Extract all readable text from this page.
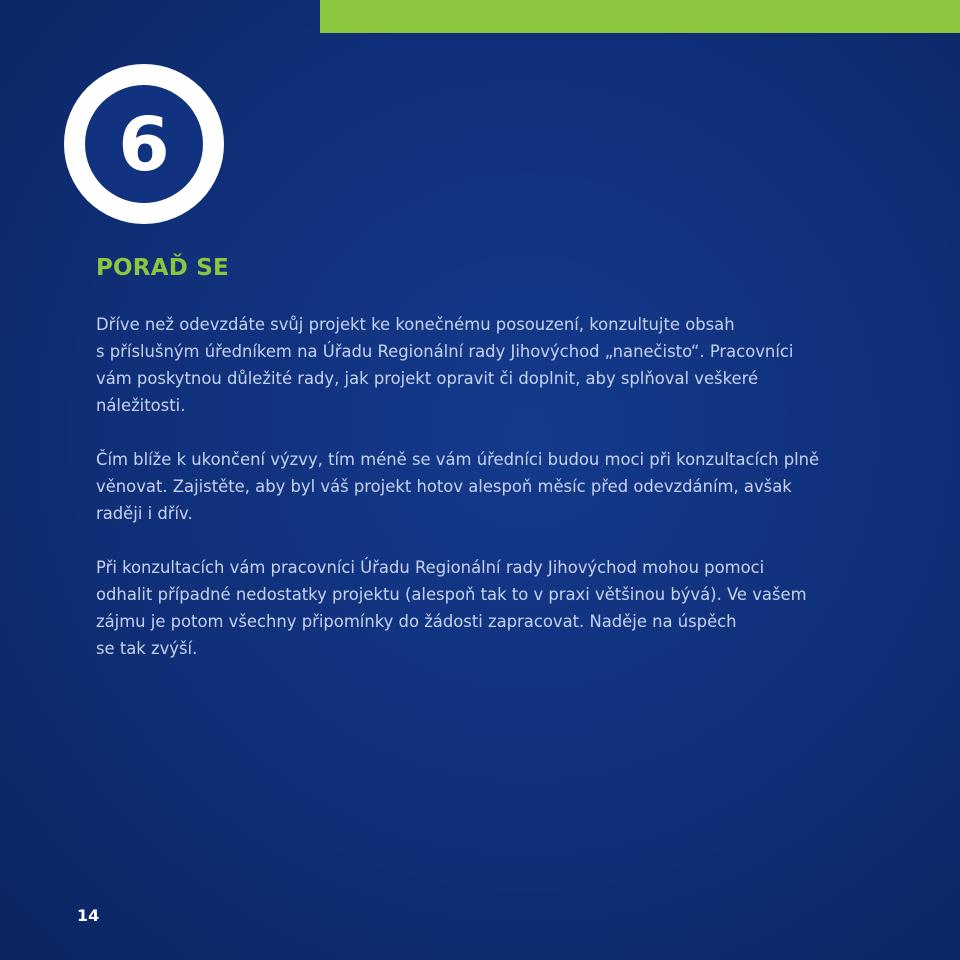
6
PORAĎ SE

Dříve než odevzdáte svůj projekt ke konečnému posouzení, konzultujte obsah
s příslušným úředníkem na Úřadu Regionální rady Jihovýchod „nanečisto“. Pracovníci
vám poskytnou důležité rady, jak projekt opravit či doplnit, aby splňoval veškeré
náležitosti.

Čím blíže k ukončení výzvy, tím méně se vám úředníci budou moci při konzultacích plně
věnovat. Zajistěte, aby byl váš projekt hotov alespoň měsíc před odevzdáním, avšak
raději i dřív.

Při konzultacích vám pracovníci Úřadu Regionální rady Jihovýchod mohou pomoci
odhalit případné nedostatky projektu (alespoň tak to v praxi většinou bývá). Ve vašem
zájmu je potom všechny připomínky do žádosti zapracovat. Naděje na úspěch
se tak zvýší.

14
